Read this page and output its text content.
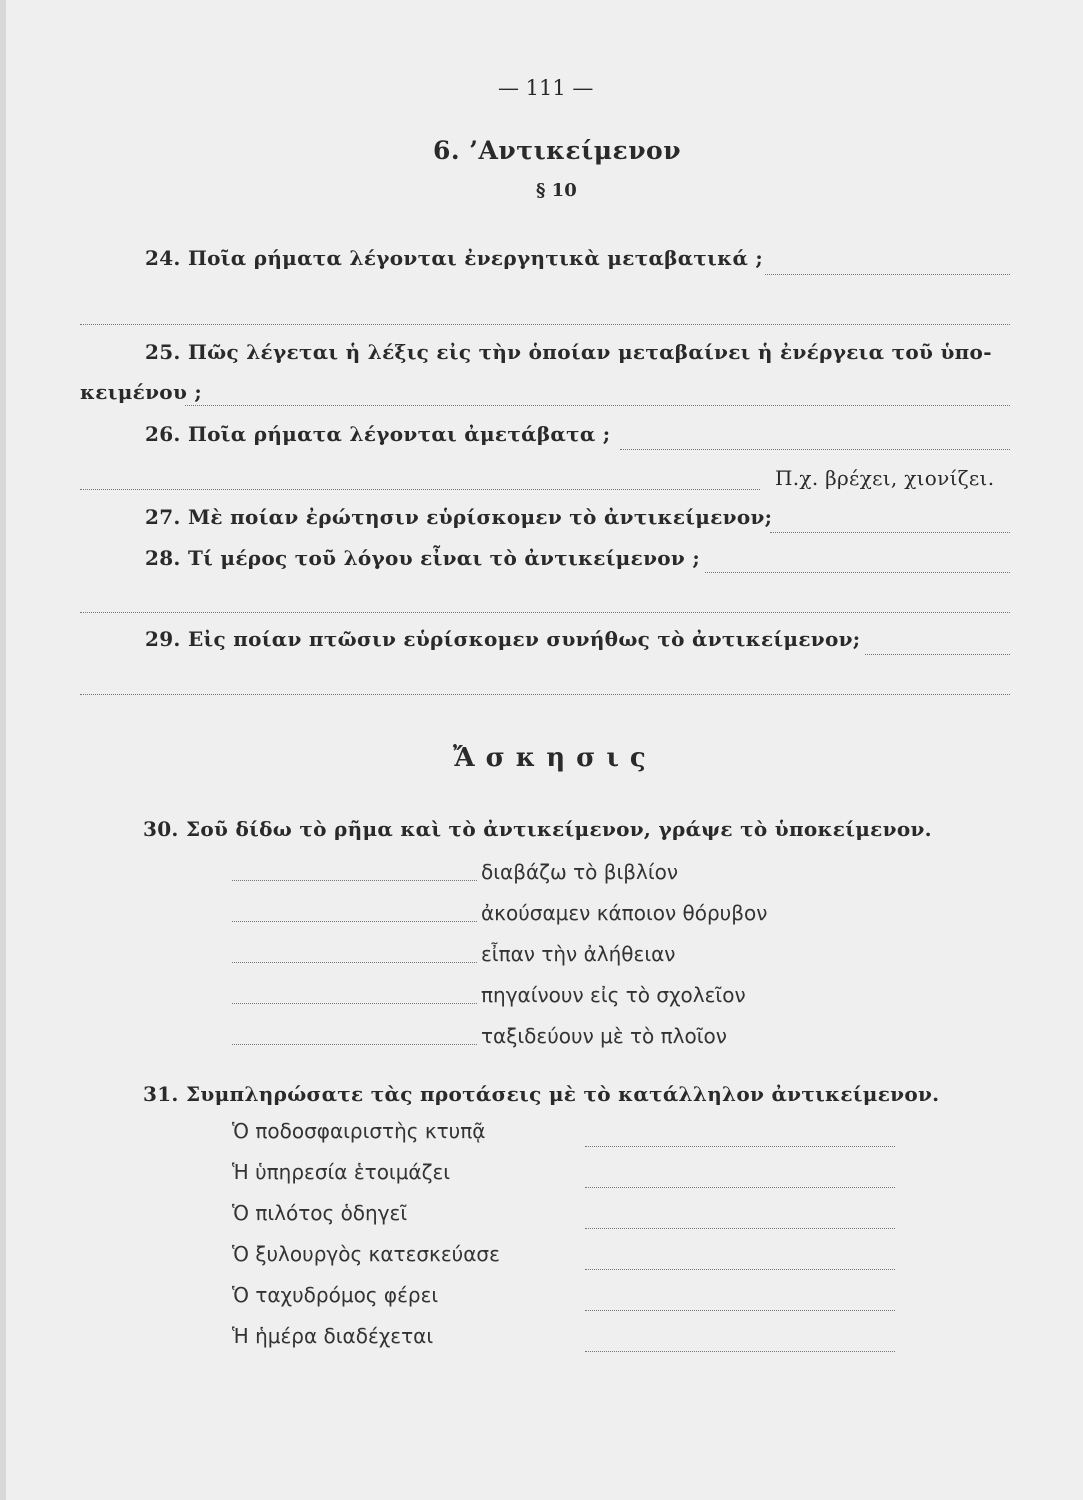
— 111 —
6. ’Αντικείμενον
§ 10
24. Ποῖα ρήματα λέγονται ἐνεργητικὰ μεταβατικά ;
25. Πῶς λέγεται ἡ λέξις εἰς τὴν ὁποίαν μεταβαίνει ἡ ἐνέργεια τοῦ ὑπο-
κειμένου ;
26. Ποῖα ρήματα λέγονται ἀμετάβατα ;
Π.χ. βρέχει, χιονίζει.
27. Μὲ ποίαν ἐρώτησιν εὑρίσκομεν τὸ ἀντικείμενον;
28. Τί μέρος τοῦ λόγου εἶναι τὸ ἀντικείμενον ;
29. Εἰς ποίαν πτῶσιν εὑρίσκομεν συνήθως τὸ ἀντικείμενον;
Ἄσκησις
30. Σοῦ δίδω τὸ ρῆμα καὶ τὸ ἀντικείμενον, γράψε τὸ ὑποκείμενον.
διαβάζω τὸ βιβλίον
ἀκούσαμεν κάποιον θόρυβον
εἶπαν τὴν ἀλήθειαν
πηγαίνουν εἰς τὸ σχολεῖον
ταξιδεύουν μὲ τὸ πλοῖον
31. Συμπληρώσατε τὰς προτάσεις μὲ τὸ κατάλληλον ἀντικείμενον.
Ὁ ποδοσφαιριστὴς κτυπᾷ
Ἡ ὑπηρεσία ἑτοιμάζει
Ὁ πιλότος ὁδηγεῖ
Ὁ ξυλουργὸς κατεσκεύασε
Ὁ ταχυδρόμος φέρει
Ἡ ἡμέρα διαδέχεται
